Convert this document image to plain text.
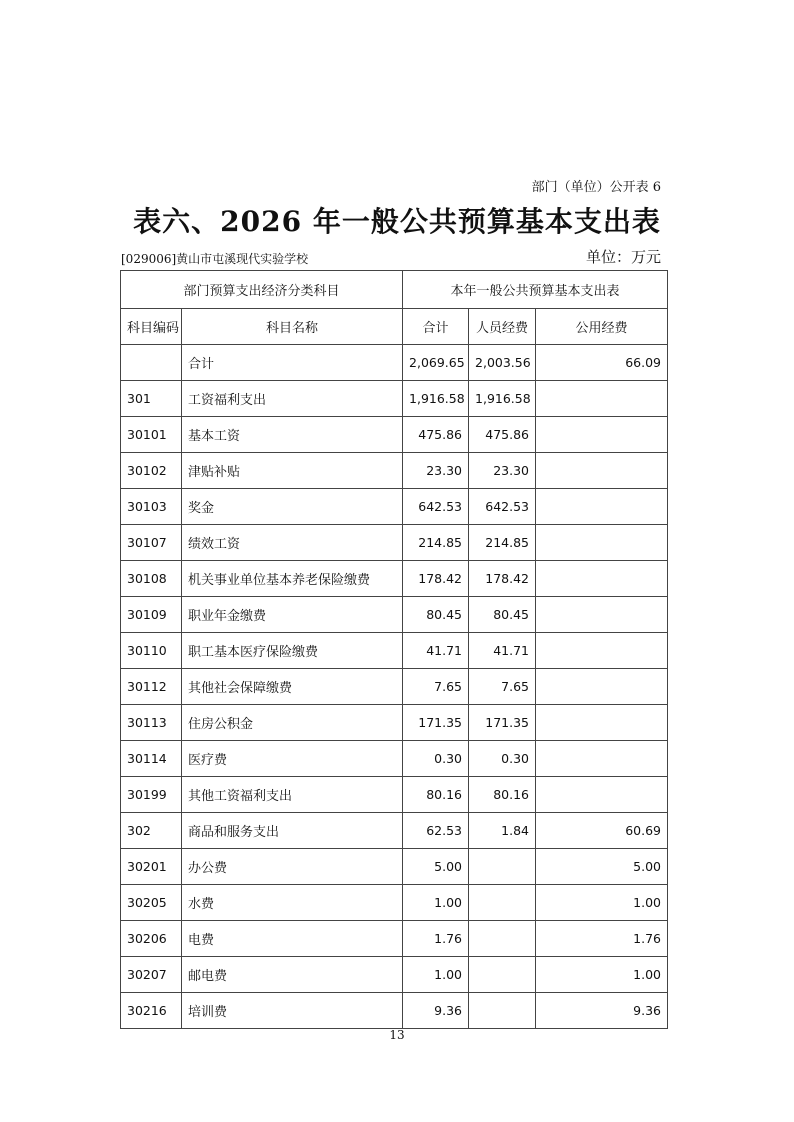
部门（单位）公开表 6
表六、2026 年一般公共预算基本支出表
[029006]黄山市屯溪现代实验学校	单位：万元
部门预算支出经济分类科目		本年一般公共预算基本支出表		
科目编码	科目名称	合计	人员经费	公用经费
	合计	2,069.65	2,003.56	66.09
301	工资福利支出	1,916.58	1,916.58	
30101	基本工资	475.86	475.86	
30102	津贴补贴	23.30	23.30	
30103	奖金	642.53	642.53	
30107	绩效工资	214.85	214.85	
30108	机关事业单位基本养老保险缴费	178.42	178.42	
30109	职业年金缴费	80.45	80.45	
30110	职工基本医疗保险缴费	41.71	41.71	
30112	其他社会保障缴费	7.65	7.65	
30113	住房公积金	171.35	171.35	
30114	医疗费	0.30	0.30	
30199	其他工资福利支出	80.16	80.16	
302	商品和服务支出	62.53	1.84	60.69
30201	办公费	5.00		5.00
30205	水费	1.00		1.00
30206	电费	1.76		1.76
30207	邮电费	1.00		1.00
30216	培训费	9.36		9.36
13
